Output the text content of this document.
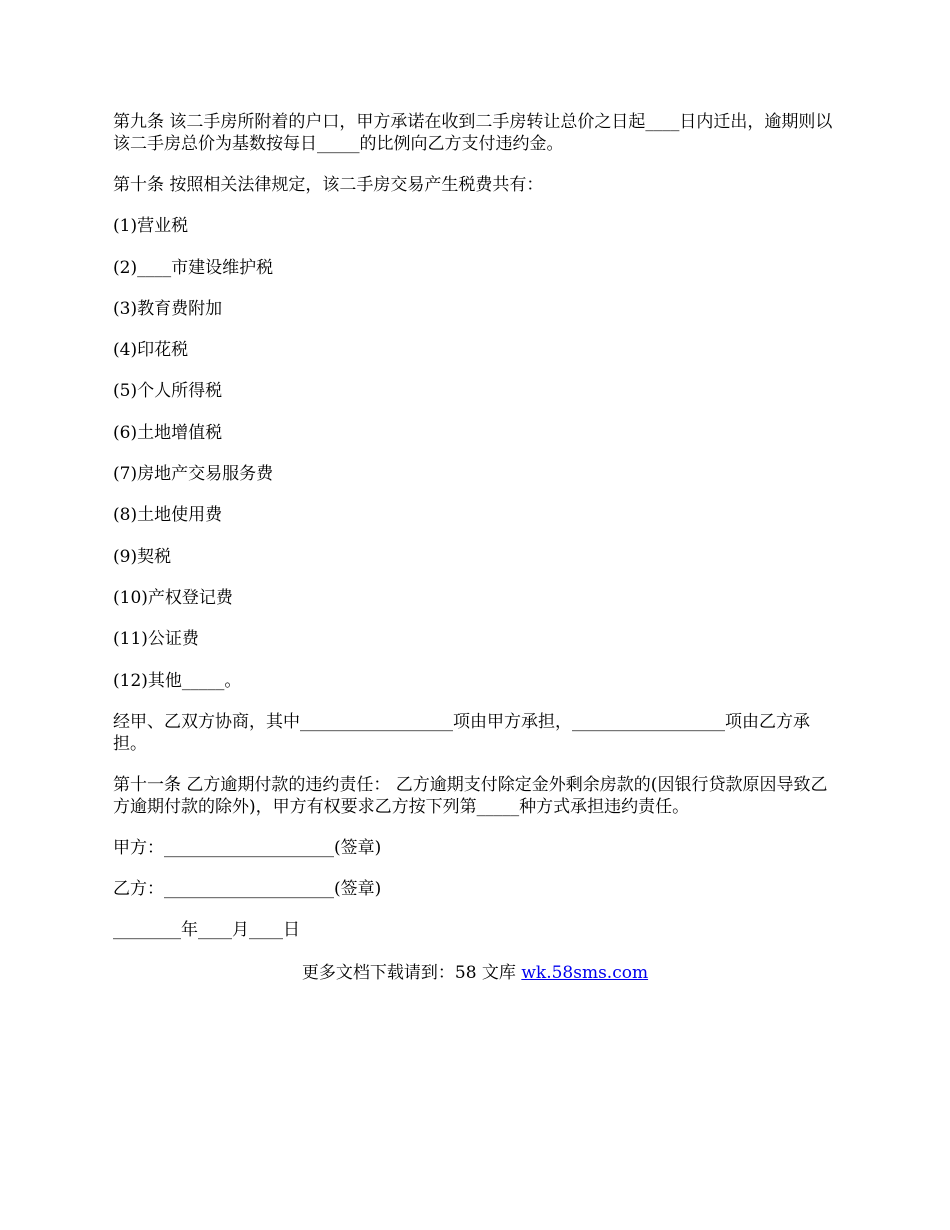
第九条 该二手房所附着的户口，甲方承诺在收到二手房转让总价之日起____日内迁出，逾期则以该二手房总价为基数按每日_____的比例向乙方支付违约金。

第十条 按照相关法律规定，该二手房交易产生税费共有：

(1)营业税

(2)____市建设维护税

(3)教育费附加

(4)印花税

(5)个人所得税

(6)土地增值税

(7)房地产交易服务费

(8)土地使用费

(9)契税

(10)产权登记费

(11)公证费

(12)其他_____。

经甲、乙双方协商，其中__________________项由甲方承担，__________________项由乙方承担。

第十一条 乙方逾期付款的违约责任： 乙方逾期支付除定金外剩余房款的(因银行贷款原因导致乙方逾期付款的除外)，甲方有权要求乙方按下列第_____种方式承担违约责任。

甲方：____________________(签章)

乙方：____________________(签章)

________年____月____日

更多文档下载请到：58 文库 wk.58sms.com
